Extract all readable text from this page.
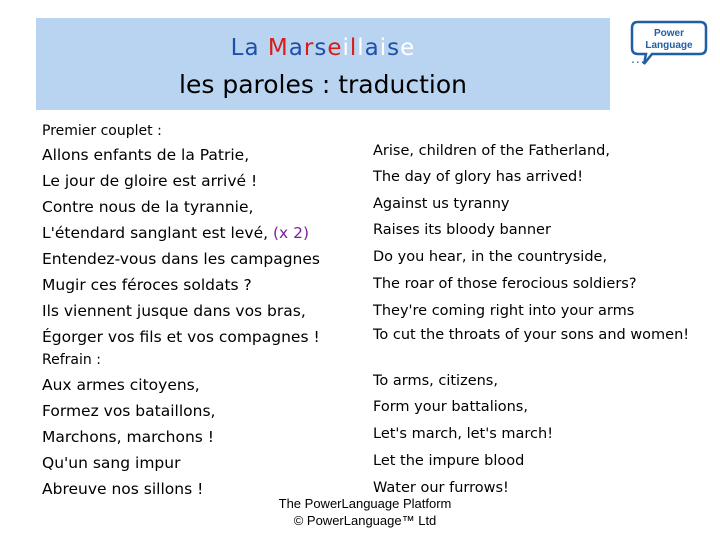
La Marseillaise
les paroles : traduction
Power
Language
...
Premier couplet :
Allons enfants de la Patrie,
Le jour de gloire est arrivé !
Contre nous de la tyrannie,
L'étendard sanglant est levé, (x 2)
Entendez-vous dans les campagnes
Mugir ces féroces soldats ?
Ils viennent jusque dans vos bras,
Égorger vos fils et vos compagnes !
Arise, children of the Fatherland,
The day of glory has arrived!
Against us tyranny
Raises its bloody banner
Do you hear, in the countryside,
The roar of those ferocious soldiers?
They're coming right into your arms
To cut the throats of your sons and women!
Refrain :
Aux armes citoyens,
Formez vos bataillons,
Marchons, marchons !
Qu'un sang impur
Abreuve nos sillons !
To arms, citizens,
Form your battalions,
Let's march, let's march!
Let the impure blood
Water our furrows!
The PowerLanguage Platform
© PowerLanguage™ Ltd
